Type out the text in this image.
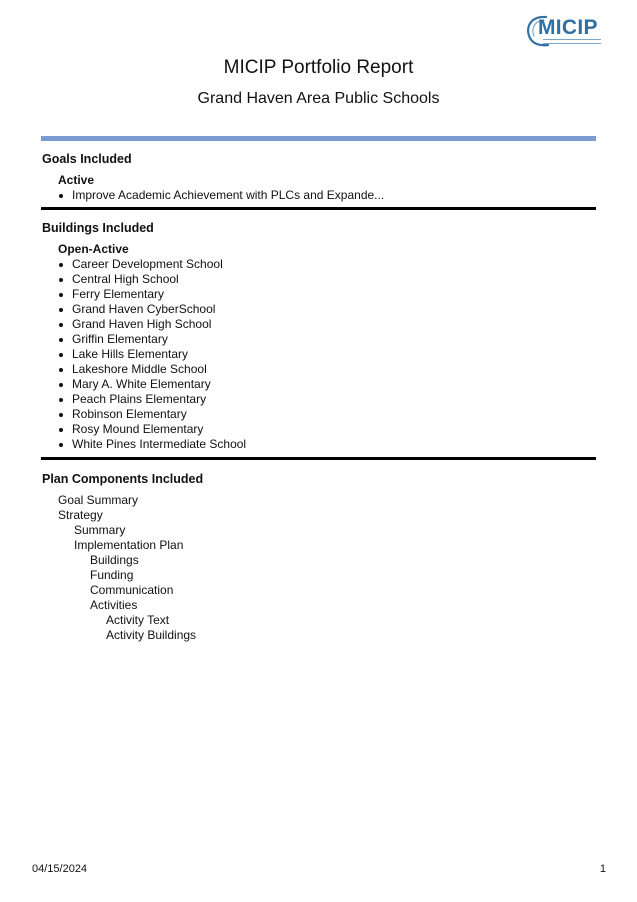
MICIP
MICIP Portfolio Report
Grand Haven Area Public Schools
Goals Included
Active
Improve Academic Achievement with PLCs and Expande...
Buildings Included
Open-Active
Career Development School
Central High School
Ferry Elementary
Grand Haven CyberSchool
Grand Haven High School
Griffin Elementary
Lake Hills Elementary
Lakeshore Middle School
Mary A. White Elementary
Peach Plains Elementary
Robinson Elementary
Rosy Mound Elementary
White Pines Intermediate School
Plan Components Included
Goal Summary
Strategy
Summary
Implementation Plan
Buildings
Funding
Communication
Activities
Activity Text
Activity Buildings
04/15/2024	1
